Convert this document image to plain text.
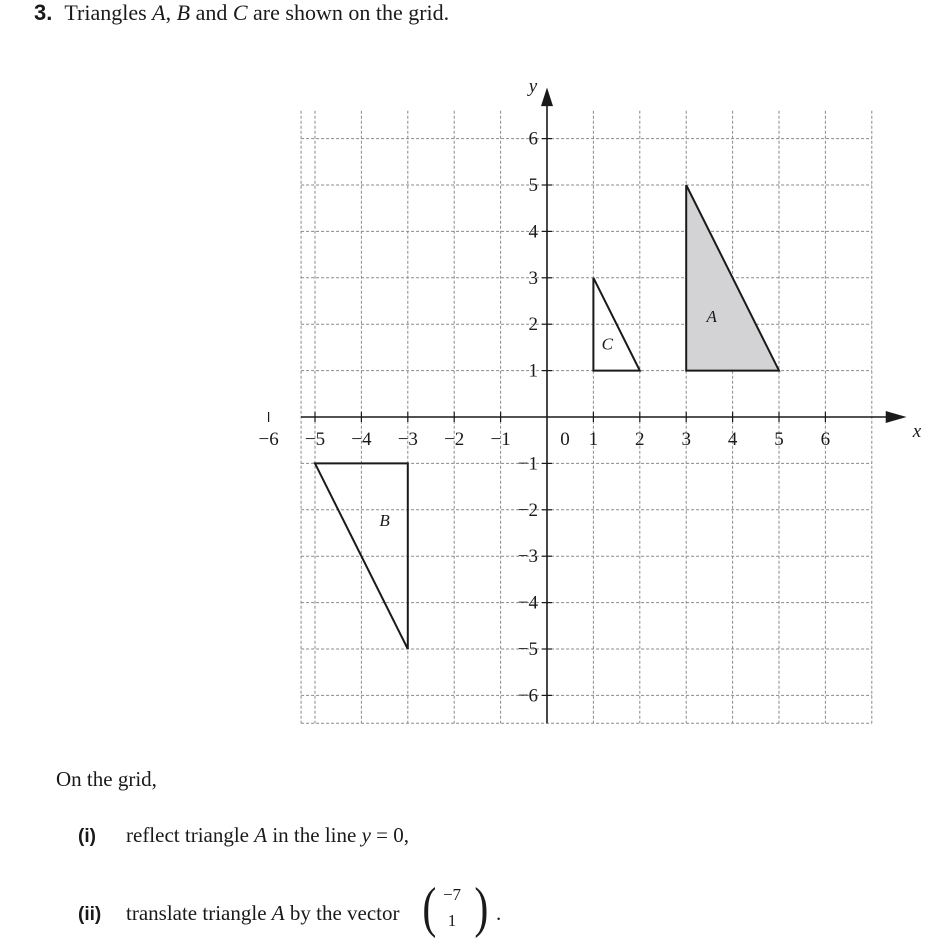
3. Triangles A, B and C are shown on the grid.
A
B
C
−6 −5 −4 −3 −2 −1	1 2 3 4 5 6
6
5
4
3
2
1
−1
−2
−3
−4
−5
−6
0	x
y
On the grid,
(i) reflect triangle A in the line y = 0,
(ii) translate triangle A by the vector ( −7
1 ) .
